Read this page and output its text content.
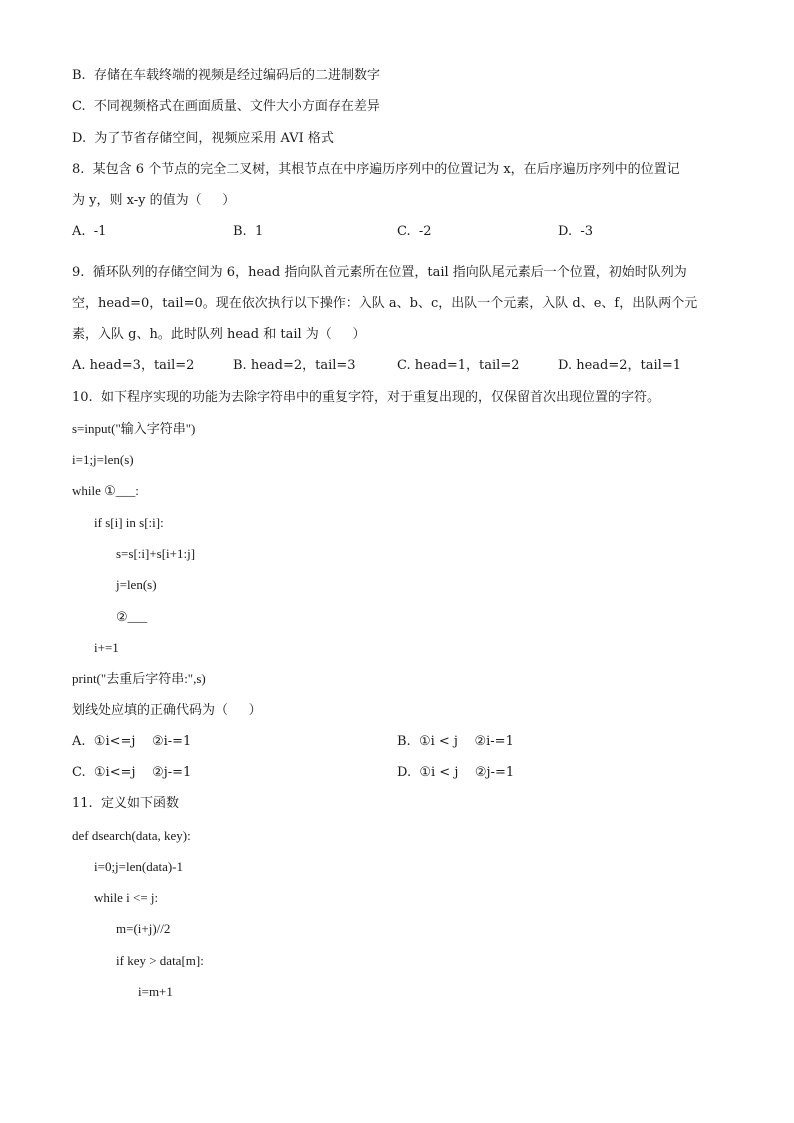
B.  存储在车载终端的视频是经过编码后的二进制数字
C.  不同视频格式在画面质量、文件大小方面存在差异
D.  为了节省存储空间，视频应采用 AVI 格式
8.  某包含 6 个节点的完全二叉树，其根节点在中序遍历序列中的位置记为 x，在后序遍历序列中的位置记
为 y，则 x-y 的值为（     ）
A.  -1	B.  1	C.  -2	D.  -3
9.  循环队列的存储空间为 6，head 指向队首元素所在位置，tail 指向队尾元素后一个位置，初始时队列为
空，head=0，tail=0。现在依次执行以下操作：入队 a、b、c，出队一个元素，入队 d、e、f，出队两个元
素，入队 g、h。此时队列 head 和 tail 为（     ）
A. head=3，tail=2	B. head=2，tail=3	C. head=1，tail=2	D. head=2，tail=1
10.  如下程序实现的功能为去除字符串中的重复字符，对于重复出现的，仅保留首次出现位置的字符。
s=input("输入字符串")
i=1;j=len(s)
while ①___:
if s[i] in s[:i]:
s=s[:i]+s[i+1:j]
j=len(s)
②___
i+=1
print("去重后字符串:",s)
划线处应填的正确代码为（     ）
A.  ①i<=j    ②i-=1	B.  ①i < j    ②i-=1
C.  ①i<=j    ②j-=1	D.  ①i < j    ②j-=1
11.  定义如下函数
def dsearch(data, key):
i=0;j=len(data)-1
while i <= j:
m=(i+j)//2
if key > data[m]:
i=m+1
